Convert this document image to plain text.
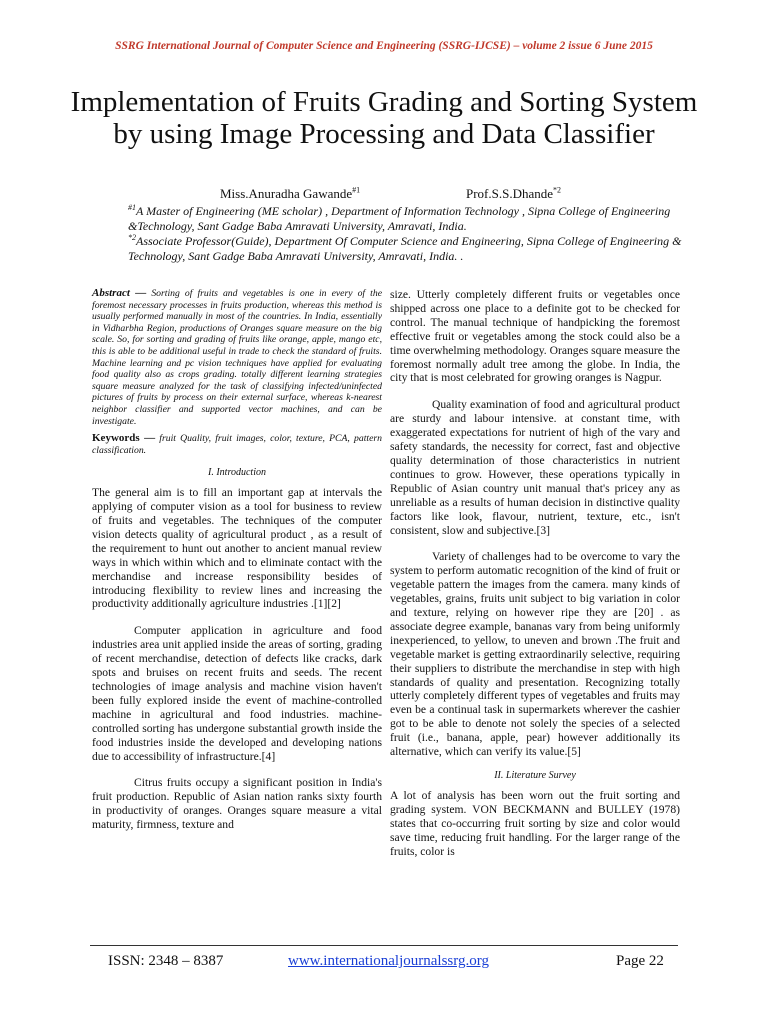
SSRG International Journal of Computer Science and Engineering (SSRG-IJCSE) – volume 2 issue 6 June 2015
Implementation of Fruits Grading and Sorting System by using Image Processing and Data Classifier
Miss.Anuradha Gawande$^{\#1}$	Prof.S.S.Dhande$^{*2}$
$^{\#1}$A Master of Engineering (ME scholar) , Department of Information Technology , Sipna College of Engineering &Technology, Sant Gadge Baba Amravati University, Amravati, India.
$^{*2}$Associate Professor(Guide), Department Of Computer Science and Engineering, Sipna College of Engineering & Technology, Sant Gadge Baba Amravati University, Amravati, India. .

Abstract — Sorting of fruits and vegetables is one in every of the foremost necessary processes in fruits production, whereas this method is usually performed manually in most of the countries. In India, essentially in Vidharbha Region, productions of Oranges square measure on the big scale. So, for sorting and grading of fruits like orange, apple, mango etc, this is able to be additional useful in trade to check the standard of fruits. Machine learning and pc vision techniques have applied for evaluating food quality also as crops grading. totally different learning strategies square measure analyzed for the task of classifying infected/uninfected pictures of fruits by process on their external surface, whereas k-nearest neighbor classifier and supported vector machines, and can be investigate.

Keywords — fruit Quality, fruit images, color, texture, PCA, pattern classification.

I. Introduction

The general aim is to fill an important gap at intervals the applying of computer vision as a tool for business to review of fruits and vegetables. The techniques of the computer vision detects quality of agricultural product , as a result of the requirement to hunt out another to ancient manual review ways in which within which and to eliminate contact with the merchandise and increase responsibility besides of introducing flexibility to review lines and increasing the productivity additionally agriculture industries .[1][2]

Computer application in agriculture and food industries area unit applied inside the areas of sorting, grading of recent merchandise, detection of defects like cracks, dark spots and bruises on recent fruits and seeds. The recent technologies of image analysis and machine vision haven't been fully explored inside the event of machine-controlled machine in agricultural and food industries. machine-controlled sorting has undergone substantial growth inside the food industries inside the developed and developing nations due to accessibility of infrastructure.[4]

Citrus fruits occupy a significant position in India's fruit production. Republic of Asian nation ranks sixty fourth in productivity of oranges. Oranges square measure a vital maturity, firmness, texture and

size. Utterly completely different fruits or vegetables once shipped across one place to a definite got to be checked for control. The manual technique of handpicking the foremost effective fruit or vegetables among the stock could also be a time overwhelming methodology. Oranges square measure the foremost normally adult tree among the globe. In India, the city that is most celebrated for growing oranges is Nagpur.

Quality examination of food and agricultural product are sturdy and labour intensive. at constant time, with exaggerated expectations for nutrient of high of the vary and safety standards, the necessity for correct, fast and objective quality determination of those characteristics in nutrient continues to grow. However, these operations typically in Republic of Asian country unit manual that's pricey any as unreliable as a results of human decision in distinctive quality factors like look, flavour, nutrient, texture, etc., isn't consistent, slow and subjective.[3]

Variety of challenges had to be overcome to vary the system to perform automatic recognition of the kind of fruit or vegetable pattern the images from the camera. many kinds of vegetables, grains, fruits unit subject to big variation in color and texture, relying on however ripe they are [20] . as associate degree example, bananas vary from being uniformly inexperienced, to yellow, to uneven and brown .The fruit and vegetable market is getting extraordinarily selective, requiring their suppliers to distribute the merchandise in step with high standards of quality and presentation. Recognizing totally utterly completely different types of vegetables and fruits may even be a continual task in supermarkets wherever the cashier got to be able to denote not solely the species of a selected fruit (i.e., banana, apple, pear) however additionally its alternative, which can verify its value.[5]

II. Literature Survey

A lot of analysis has been worn out the fruit sorting and grading system. VON BECKMANN and BULLEY (1978) states that co-occurring fruit sorting by size and color would save time, reducing fruit handling. For the larger range of the fruits, color is

ISSN: 2348 – 8387	www.internationaljournalssrg.org	Page 22
